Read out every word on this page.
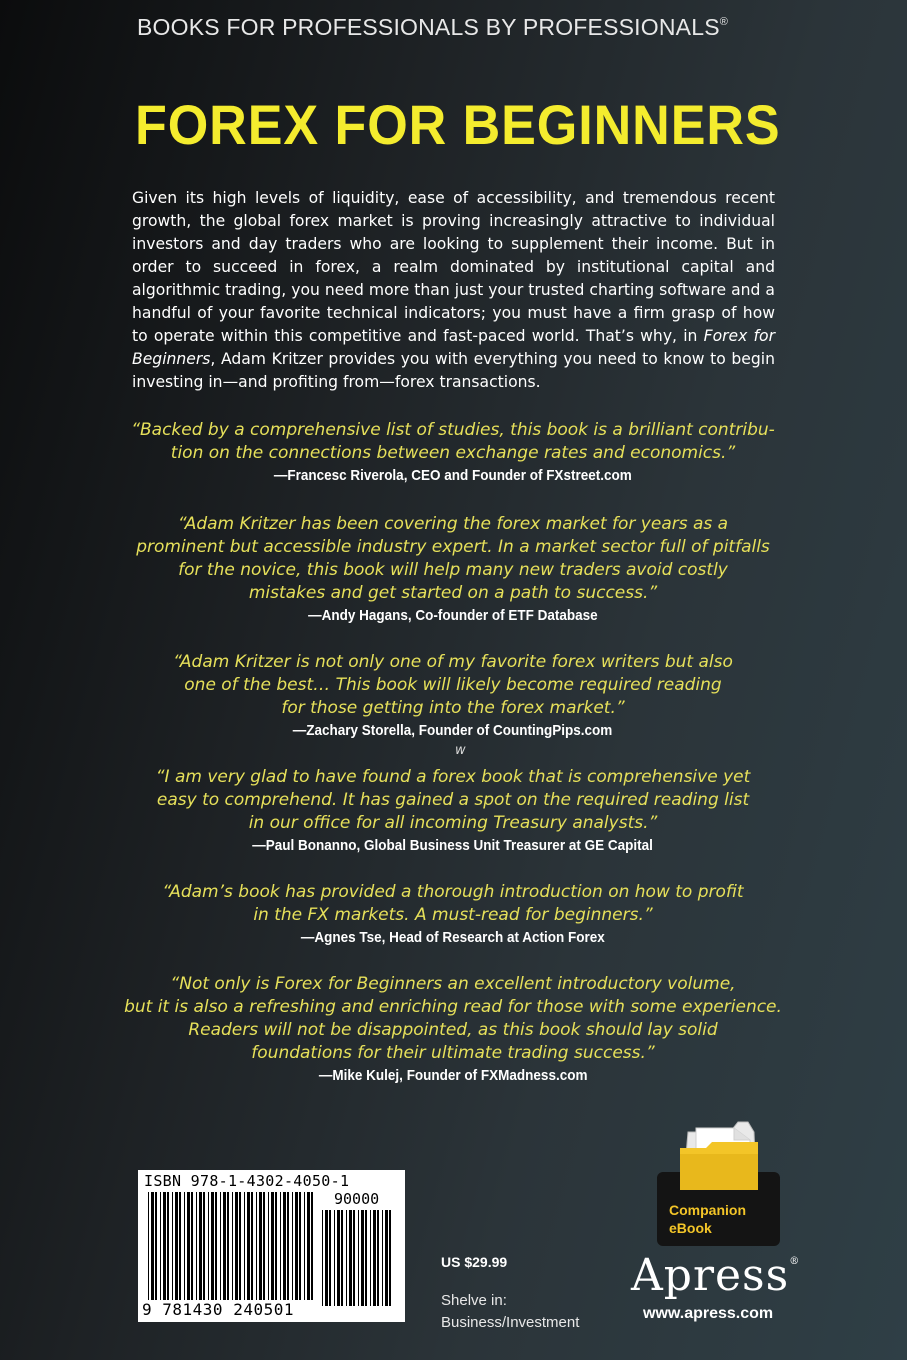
BOOKS FOR PROFESSIONALS BY PROFESSIONALS®
FOREX FOR BEGINNERS
Given its high levels of liquidity, ease of accessibility, and tremendous recent growth, the global forex market is proving increasingly attractive to individual investors and day traders who are looking to supplement their income. But in order to succeed in forex, a realm dominated by institutional capital and algorithmic trading, you need more than just your trusted charting software and a handful of your favorite technical indicators; you must have a firm grasp of how to operate within this competitive and fast-paced world. That’s why, in Forex for Beginners, Adam Kritzer provides you with everything you need to know to begin investing in—and profiting from—forex transactions.
“Backed by a comprehensive list of studies, this book is a brilliant contribu-
tion on the connections between exchange rates and economics.”
—Francesc Riverola, CEO and Founder of FXstreet.com
“Adam Kritzer has been covering the forex market for years as a
prominent but accessible industry expert. In a market sector full of pitfalls
for the novice, this book will help many new traders avoid costly
mistakes and get started on a path to success.”
—Andy Hagans, Co-founder of ETF Database
“Adam Kritzer is not only one of my favorite forex writers but also
one of the best… This book will likely become required reading
for those getting into the forex market.”
—Zachary Storella, Founder of CountingPips.com
w
“I am very glad to have found a forex book that is comprehensive yet
easy to comprehend. It has gained a spot on the required reading list
in our office for all incoming Treasury analysts.”
—Paul Bonanno, Global Business Unit Treasurer at GE Capital
“Adam’s book has provided a thorough introduction on how to profit
in the FX markets. A must-read for beginners.”
—Agnes Tse, Head of Research at Action Forex
“Not only is Forex for Beginners an excellent introductory volume,
but it is also a refreshing and enriching read for those with some experience.
Readers will not be disappointed, as this book should lay solid
foundations for their ultimate trading success.”
—Mike Kulej, Founder of FXMadness.com
ISBN 978-1-4302-4050-1
90000
9 781430 240501
US $29.99
Shelve in:
Business/Investment
Companion
eBook
Apress®
www.apress.com
